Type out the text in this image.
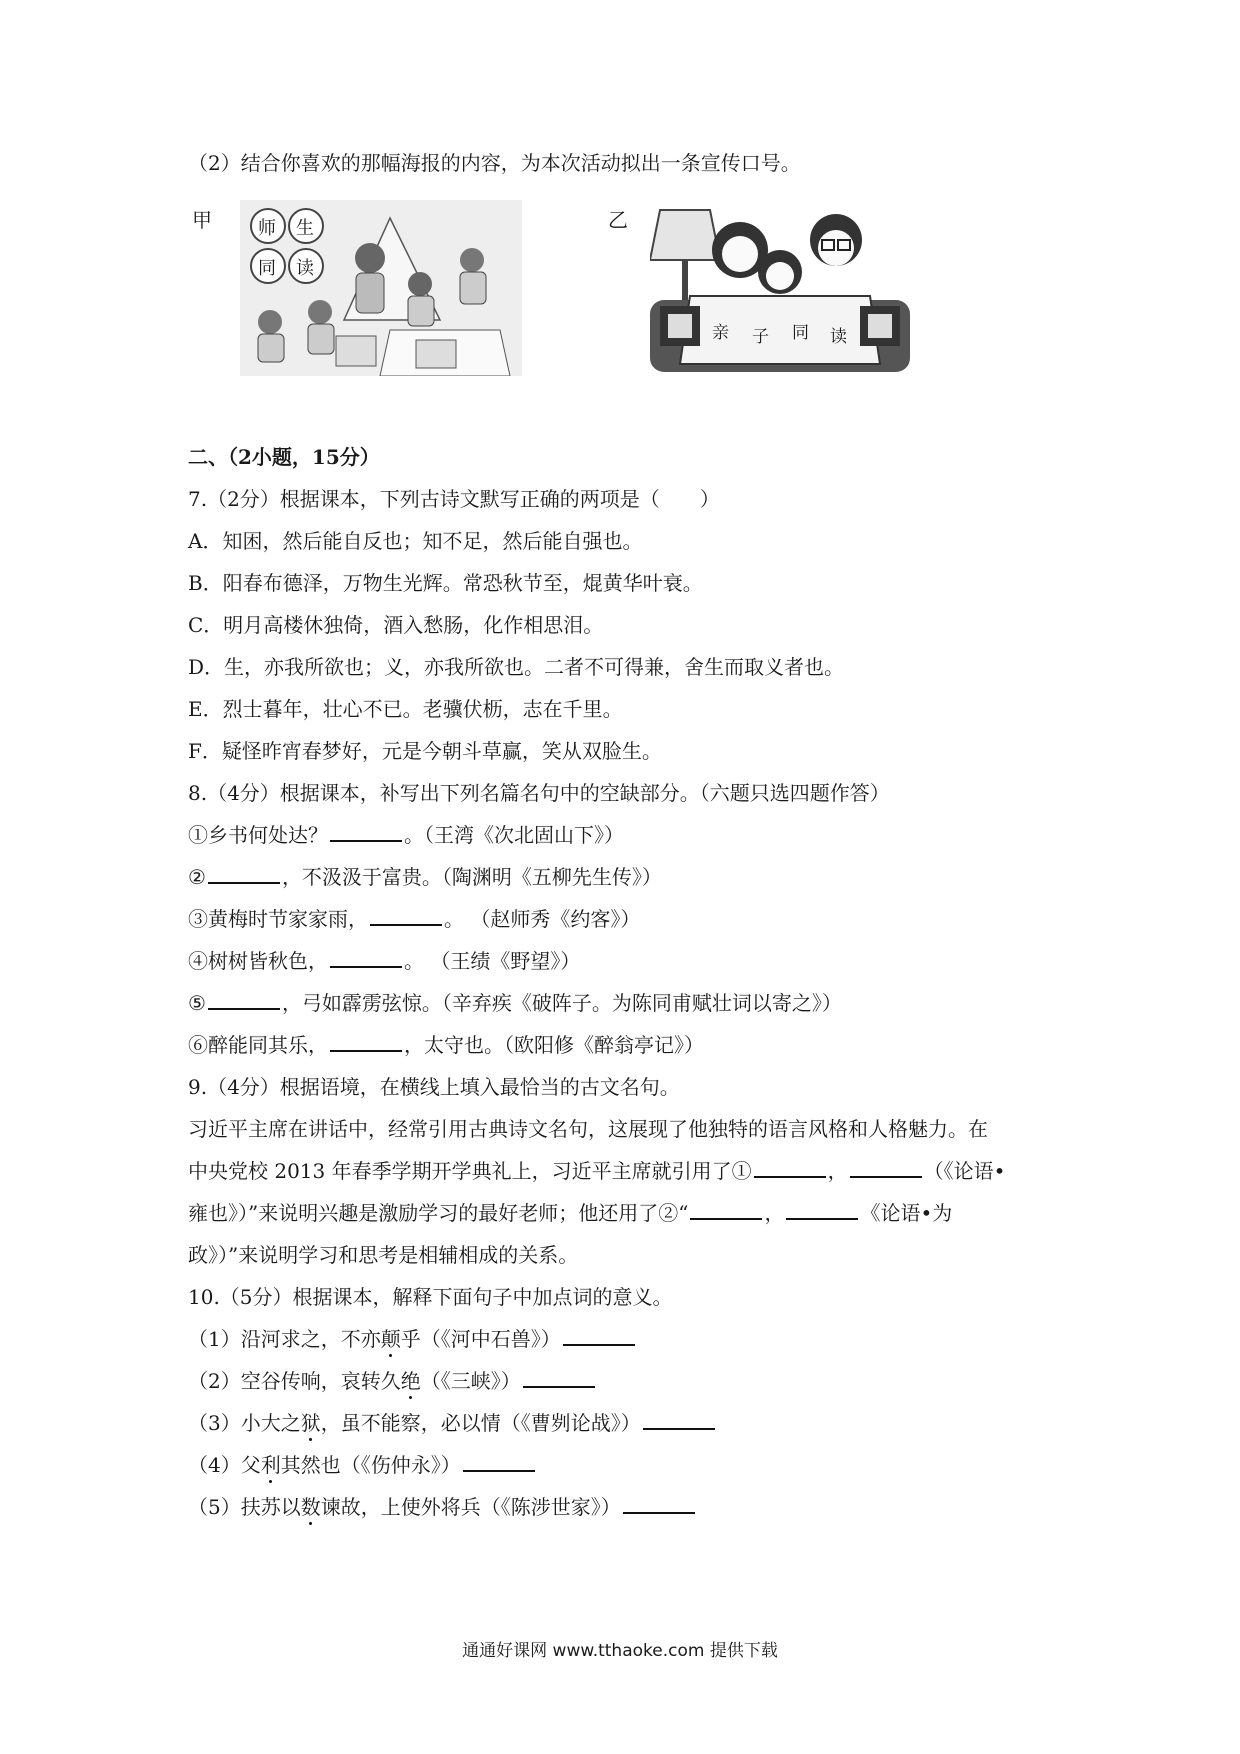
（2）结合你喜欢的那幅海报的内容，为本次活动拟出一条宣传口号。
甲	师 生
同 读
乙
亲 子 同 读
二、（2小题，15分）
7.（2分）根据课本，下列古诗文默写正确的两项是（　　）
A．知困，然后能自反也；知不足，然后能自强也。
B．阳春布德泽，万物生光辉。常恐秋节至，焜黄华叶衰。
C．明月高楼休独倚，酒入愁肠，化作相思泪。
D．生，亦我所欲也；义，亦我所欲也。二者不可得兼，舍生而取义者也。
E．烈士暮年，壮心不已。老骥伏枥，志在千里。
F．疑怪昨宵春梦好，元是今朝斗草赢，笑从双脸生。
8.（4分）根据课本，补写出下列名篇名句中的空缺部分。（六题只选四题作答）
①乡书何处达？	。（王湾《次北固山下》）
②	，不汲汲于富贵。（陶渊明《五柳先生传》）
③黄梅时节家家雨，	。 （赵师秀《约客》）
④树树皆秋色，	。 （王绩《野望》）
⑤	，弓如霹雳弦惊。（辛弃疾《破阵子。为陈同甫赋壮词以寄之》）
⑥醉能同其乐，	，太守也。（欧阳修《醉翁亭记》）
9.（4分）根据语境，在横线上填入最恰当的古文名句。
习近平主席在讲话中，经常引用古典诗文名句，这展现了他独特的语言风格和人格魅力。在
中央党校 2013 年春季学期开学典礼上，习近平主席就引用了①	，	（《论语•
雍也》）”来说明兴趣是激励学习的最好老师；他还用了②“	，	《论语•为
政》）”来说明学习和思考是相辅相成的关系。
10.（5分）根据课本，解释下面句子中加点词的意义。
（1）沿河求之，不亦颠乎（《河中石兽》）
（2）空谷传响，哀转久绝（《三峡》）
（3）小大之狱，虽不能察，必以情（《曹刿论战》）
（4）父利其然也（《伤仲永》）
（5）扶苏以数谏故，上使外将兵（《陈涉世家》）
通通好课网 www.tthaoke.com 提供下载
